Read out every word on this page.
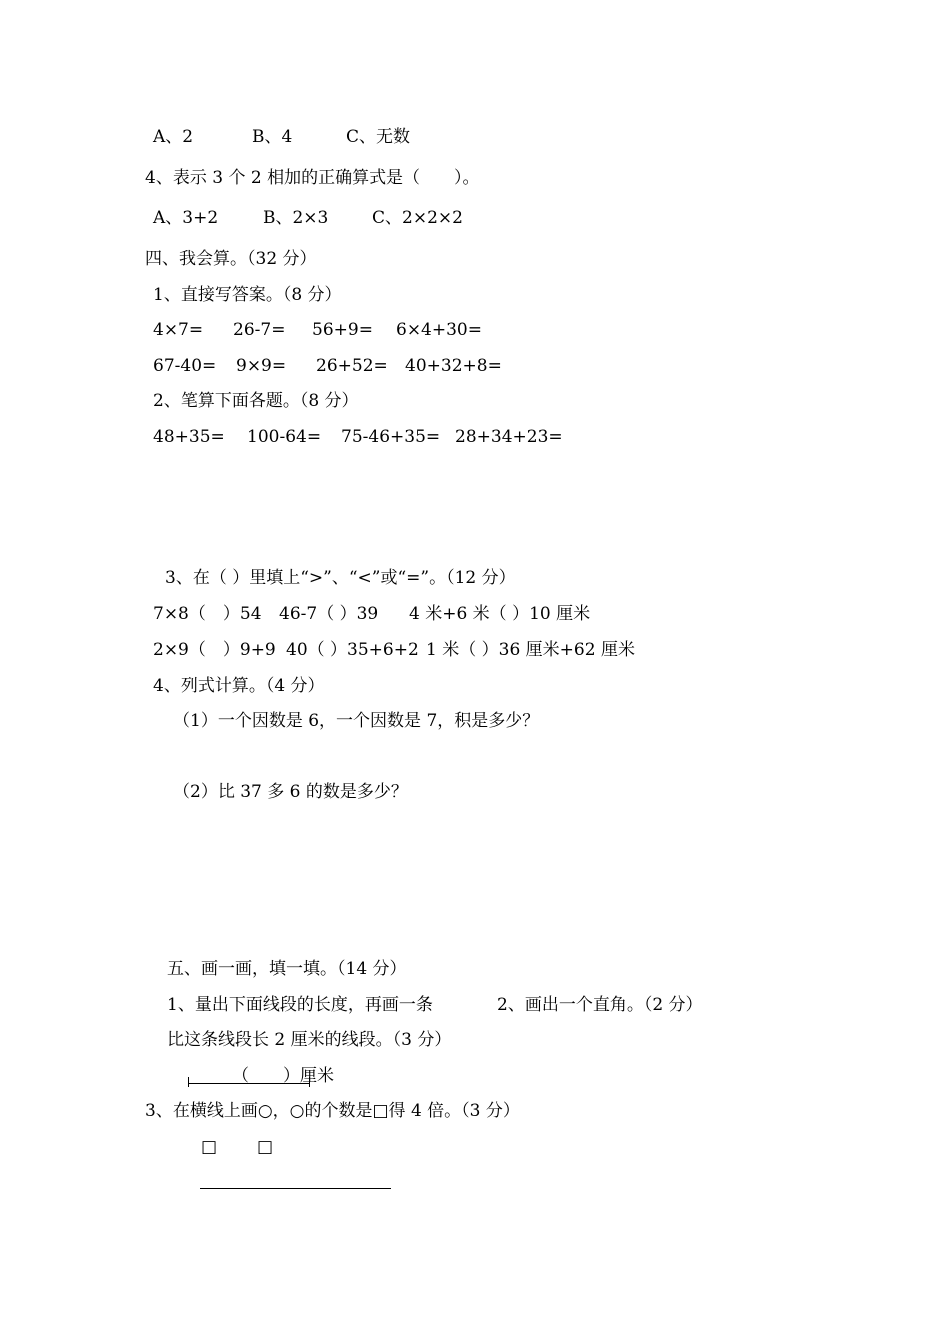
A、2	B、4	C、无数
4、表示 3 个 2 相加的正确算式是（　　）。
A、3+2	B、2×3	C、2×2×2
四、我会算。（32 分）
1、直接写答案。（8 分）
4×7= 26-7= 56+9= 6×4+30=
67-40= 9×9= 26+52= 40+32+8=
2、笔算下面各题。（8 分）
48+35= 100-64= 75-46+35= 28+34+23=
3、在（ ）里填上“>”、“<”或“=”。（12 分）
7×8（　）54 46-7（ ）39 4 米+6 米（ ）10 厘米
2×9（　）9+9 40（ ）35+6+2 1 米（ ）36 厘米+62 厘米
4、列式计算。（4 分）
（1）一个因数是 6，一个因数是 7，积是多少？
（2）比 37 多 6 的数是多少？
五、画一画，填一填。（14 分）
1、量出下面线段的长度，再画一条	2、画出一个直角。（2 分）
比这条线段长 2 厘米的线段。（3 分）
（　　）厘米
3、在横线上画○，○的个数是□得 4 倍。（3 分）
□ □
